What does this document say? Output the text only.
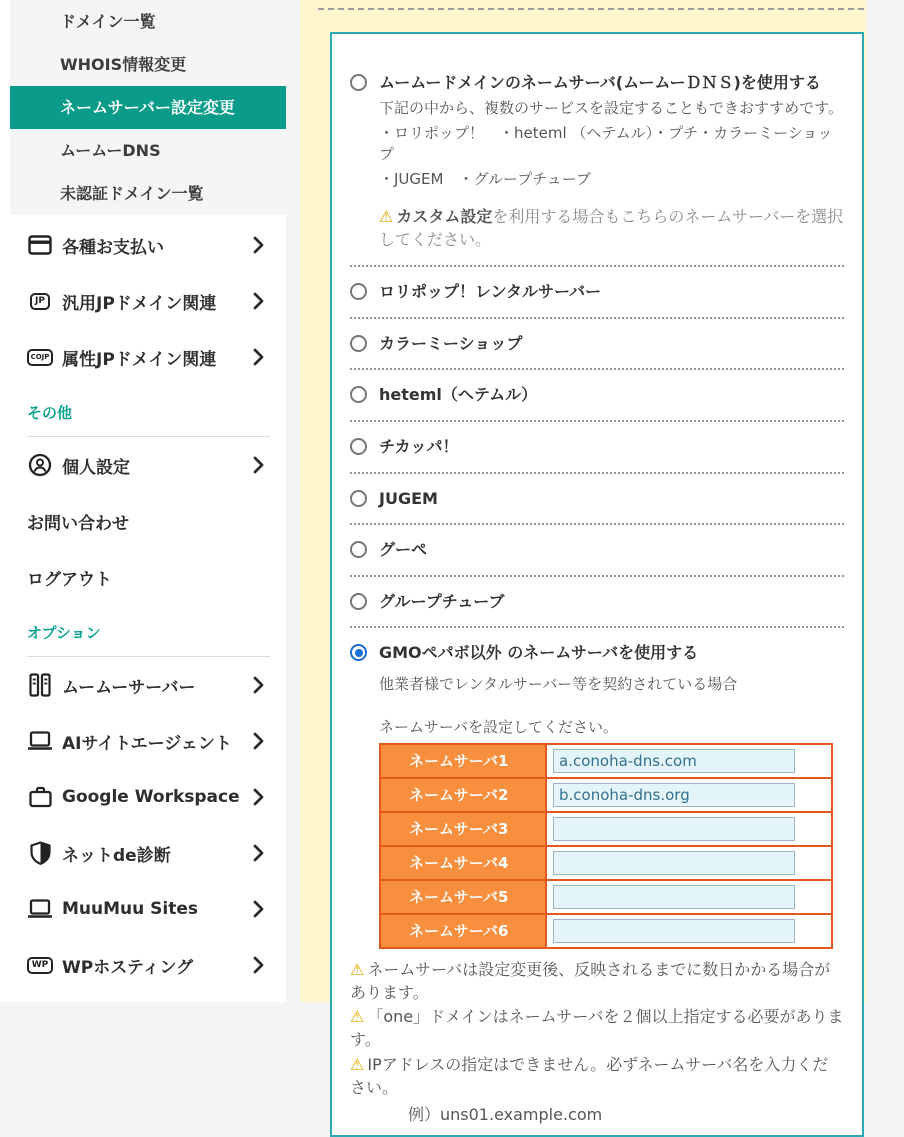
ドメイン一覧
WHOIS情報変更
ネームサーバー設定変更
ムームーDNS
未認証ドメイン一覧
各種お支払い
JP 汎用JPドメイン関連
COJP 属性JPドメイン関連
その他
個人設定
お問い合わせ
ログアウト
オプション
ムームーサーバー
AIサイトエージェント
Google Workspace
ネットde診断
MuuMuu Sites
WP WPホスティング
ムームードメインのネームサーバ(ムームーＤＮＳ)を使用する
下記の中から、複数のサービスを設定することもできおすすめです。
・ロリポップ！　・heteml （ヘテムル）・プチ・カラーミーショップ
・JUGEM　・グループチューブ
⚠ カスタム設定を利用する場合もこちらのネームサーバーを選択してください。
ロリポップ！レンタルサーバー
カラーミーショップ
heteml（ヘテムル）
チカッパ！
JUGEM
グーペ
グループチューブ
GMOペパボ以外 のネームサーバを使用する
他業者様でレンタルサーバー等を契約されている場合
ネームサーバを設定してください。
ネームサーバ1	a.conoha-dns.com
ネームサーバ2	b.conoha-dns.org
ネームサーバ3	
ネームサーバ4	
ネームサーバ5	
ネームサーバ6	
⚠ ネームサーバは設定変更後、反映されるまでに数日かかる場合があります。
⚠ 「one」ドメインはネームサーバを２個以上指定する必要があります。
⚠ IPアドレスの指定はできません。必ずネームサーバ名を入力ください。
例）uns01.example.com
